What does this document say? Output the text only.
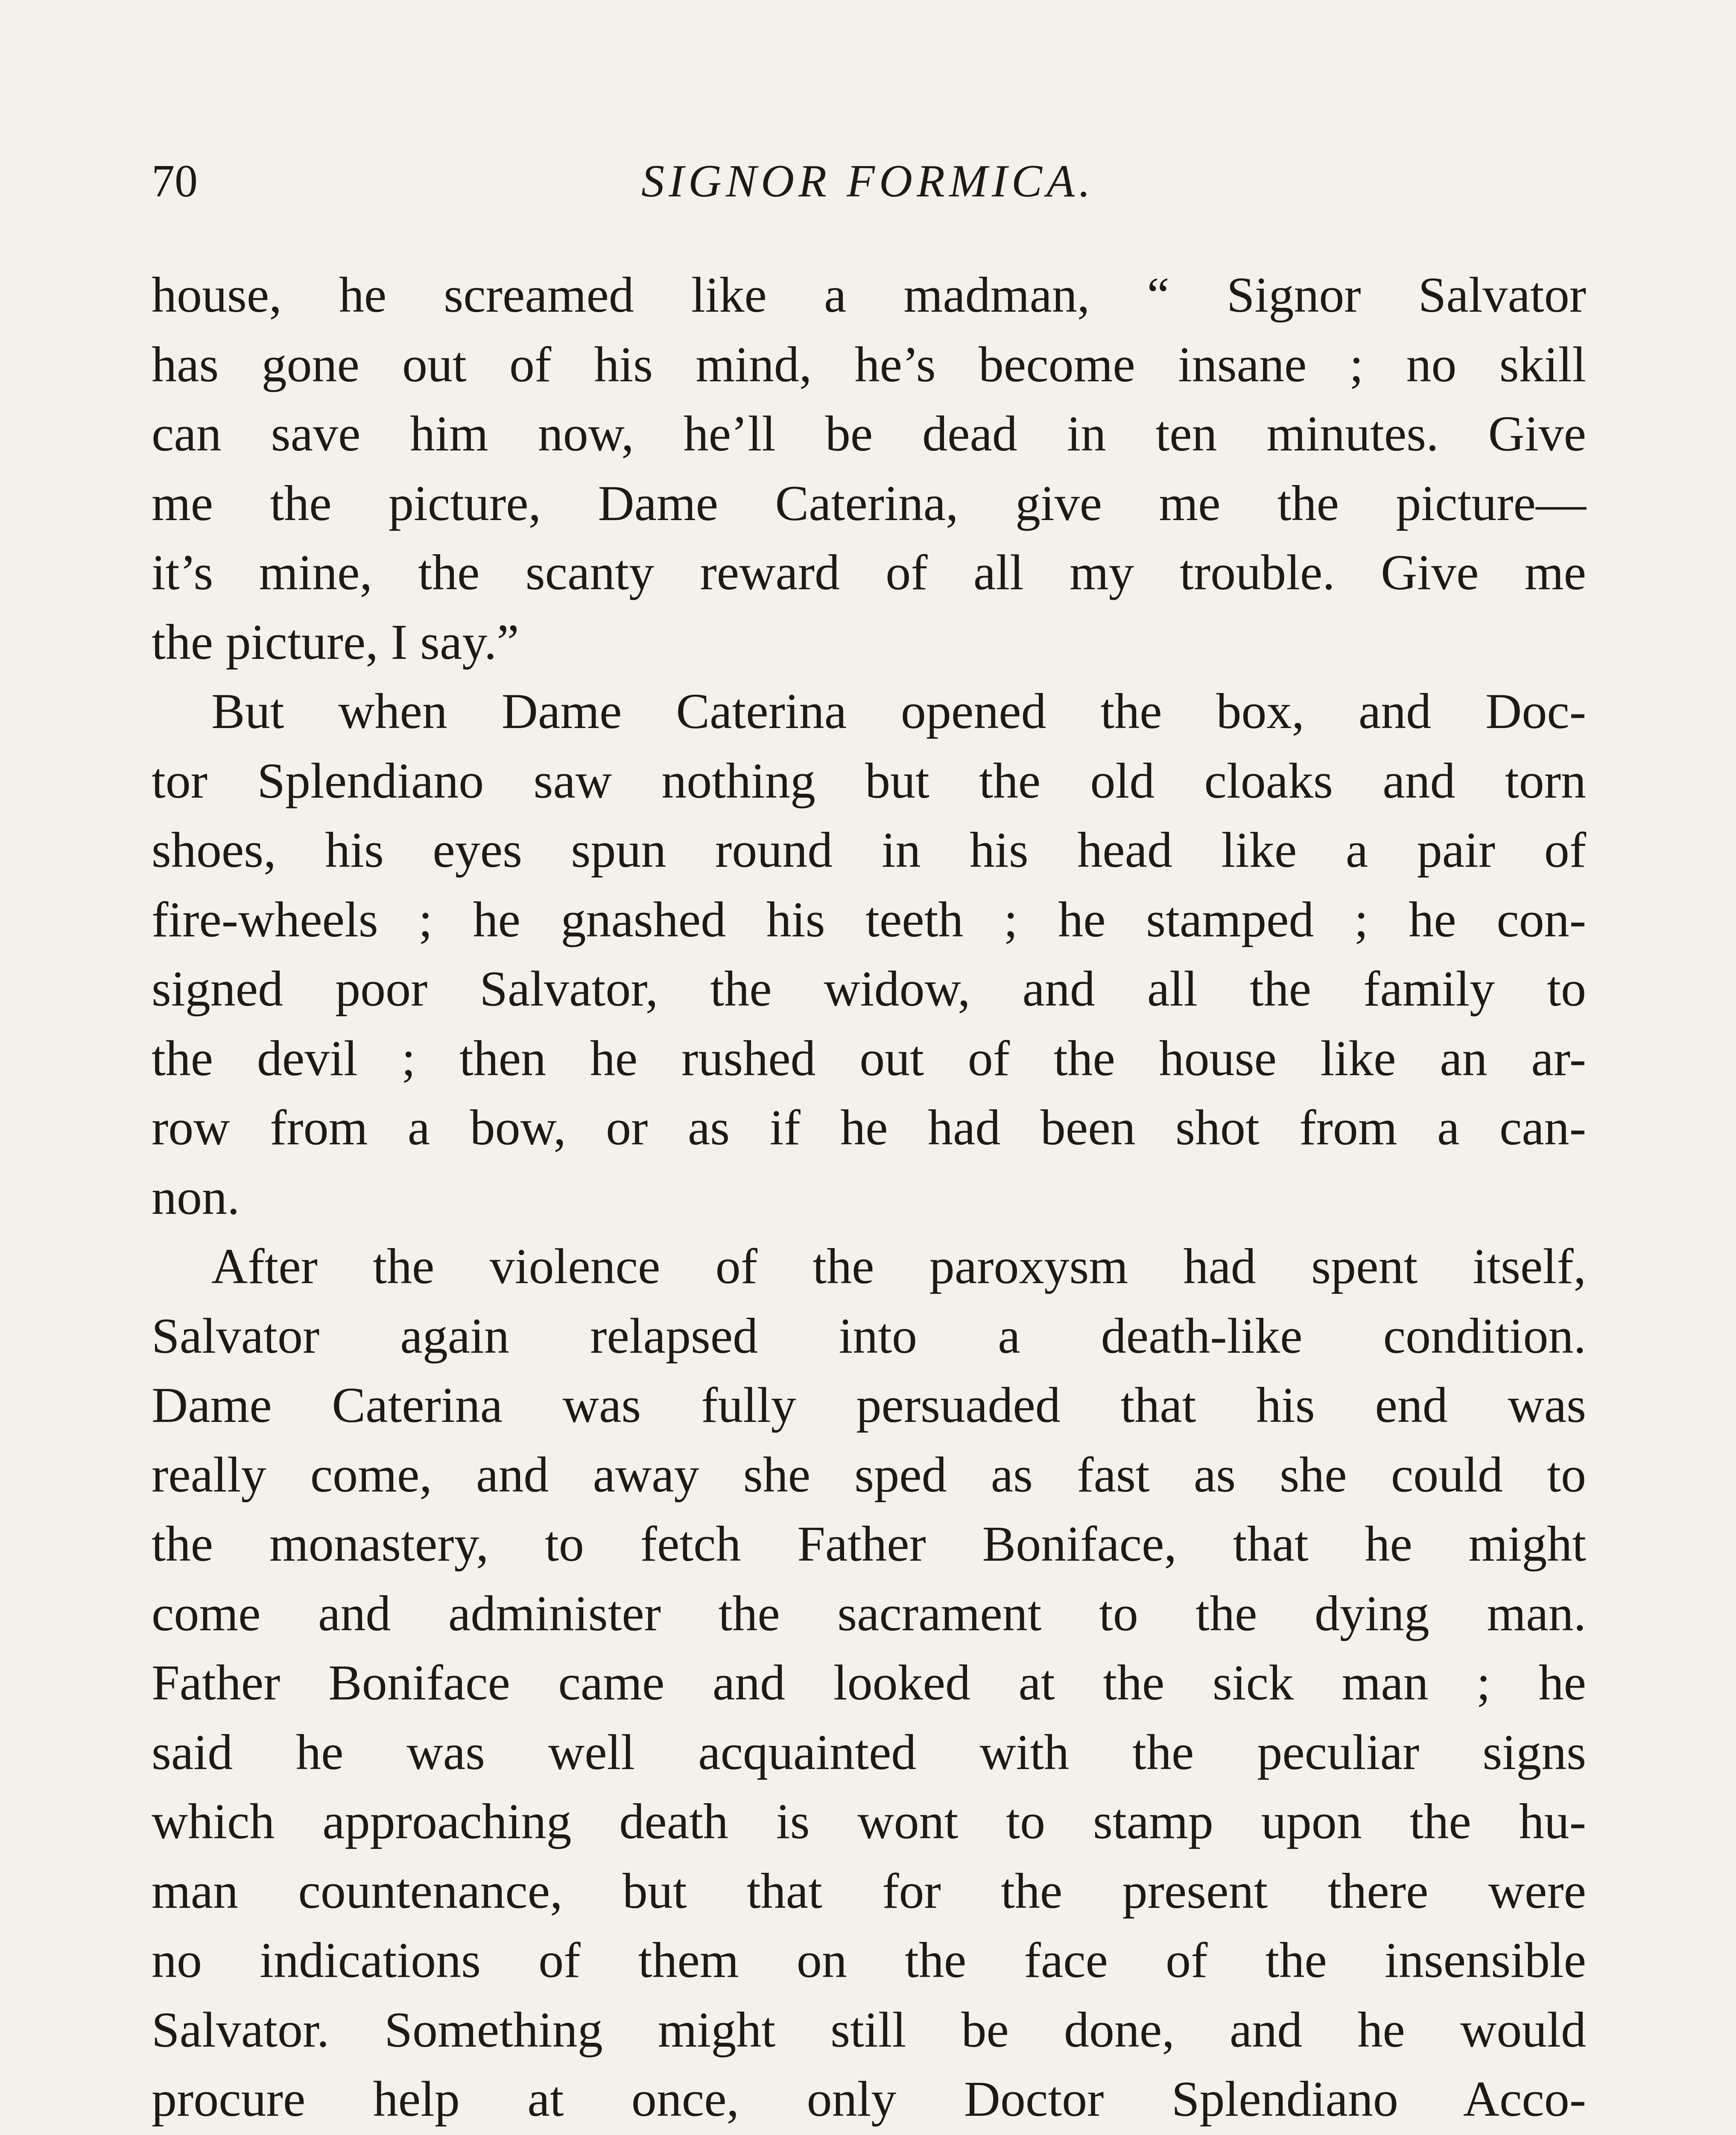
70	SIGNOR FORMICA.
house, he screamed like a madman, “ Signor Salvator
has gone out of his mind, he’s become insane ; no skill
can save him now, he’ll be dead in ten minutes. Give
me the picture, Dame Caterina, give me the picture—
it’s mine, the scanty reward of all my trouble. Give me
the picture, I say.”
But when Dame Caterina opened the box, and Doc-
tor Splendiano saw nothing but the old cloaks and torn
shoes, his eyes spun round in his head like a pair of
fire-wheels ; he gnashed his teeth ; he stamped ; he con-
signed poor Salvator, the widow, and all the family to
the devil ; then he rushed out of the house like an ar-
row from a bow, or as if he had been shot from a can-
non.
After the violence of the paroxysm had spent itself,
Salvator again relapsed into a death-like condition.
Dame Caterina was fully persuaded that his end was
really come, and away she sped as fast as she could to
the monastery, to fetch Father Boniface, that he might
come and administer the sacrament to the dying man.
Father Boniface came and looked at the sick man ; he
said he was well acquainted with the peculiar signs
which approaching death is wont to stamp upon the hu-
man countenance, but that for the present there were
no indications of them on the face of the insensible
Salvator. Something might still be done, and he would
procure help at once, only Doctor Splendiano Acco-
